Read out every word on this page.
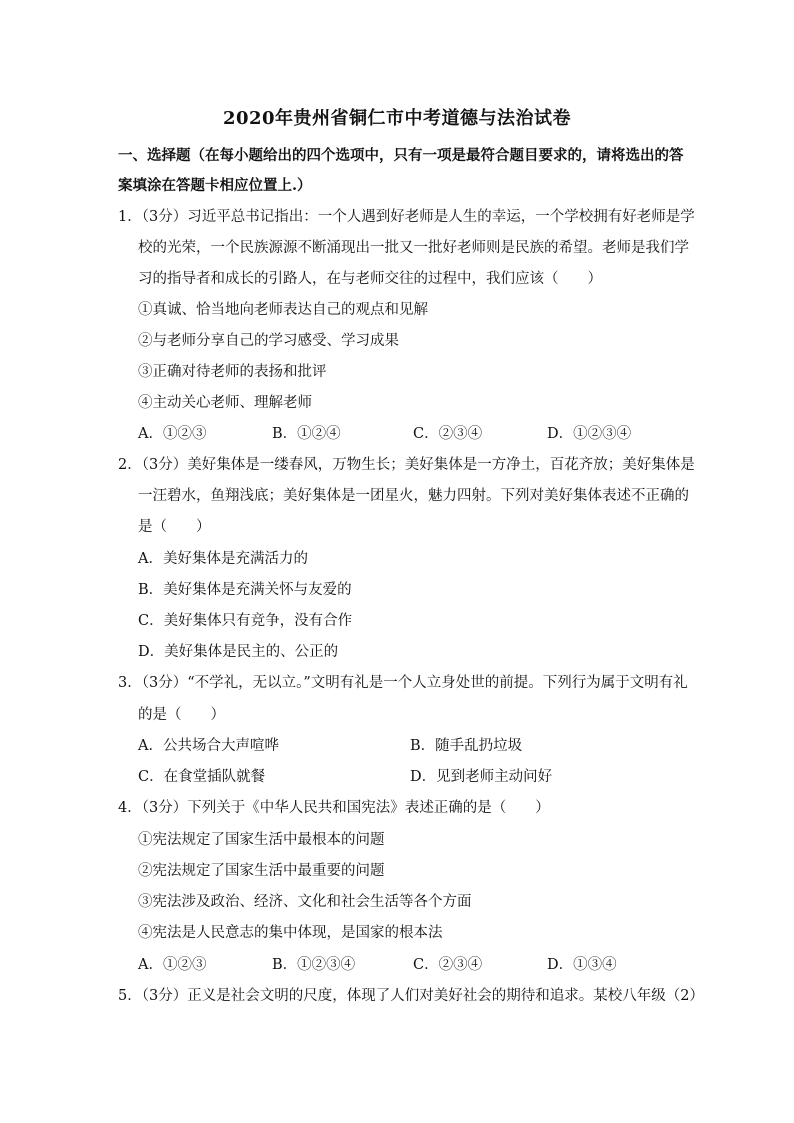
2020年贵州省铜仁市中考道德与法治试卷
一、选择题（在每小题给出的四个选项中，只有一项是最符合题目要求的，请将选出的答
案填涂在答题卡相应位置上.）
1．（3分）习近平总书记指出：一个人遇到好老师是人生的幸运，一个学校拥有好老师是学
校的光荣，一个民族源源不断涌现出一批又一批好老师则是民族的希望。老师是我们学
习的指导者和成长的引路人，在与老师交往的过程中，我们应该（　　）
①真诚、恰当地向老师表达自己的观点和见解
②与老师分享自己的学习感受、学习成果
③正确对待老师的表扬和批评
④主动关心老师、理解老师
A．①②③	B．①②④	C．②③④	D．①②③④
2．（3分）美好集体是一缕春风，万物生长；美好集体是一方净土，百花齐放；美好集体是
一汪碧水，鱼翔浅底；美好集体是一团星火，魅力四射。下列对美好集体表述不正确的
是（　　）
A．美好集体是充满活力的
B．美好集体是充满关怀与友爱的
C．美好集体只有竞争，没有合作
D．美好集体是民主的、公正的
3．（3分）“不学礼，无以立。”文明有礼是一个人立身处世的前提。下列行为属于文明有礼
的是（　　）
A．公共场合大声喧哗	B．随手乱扔垃圾
C．在食堂插队就餐	D．见到老师主动问好
4．（3分）下列关于《中华人民共和国宪法》表述正确的是（　　）
①宪法规定了国家生活中最根本的问题
②宪法规定了国家生活中最重要的问题
③宪法涉及政治、经济、文化和社会生活等各个方面
④宪法是人民意志的集中体现，是国家的根本法
A．①②③	B．①②③④	C．②③④	D．①③④
5．（3分）正义是社会文明的尺度，体现了人们对美好社会的期待和追求。某校八年级（2）
